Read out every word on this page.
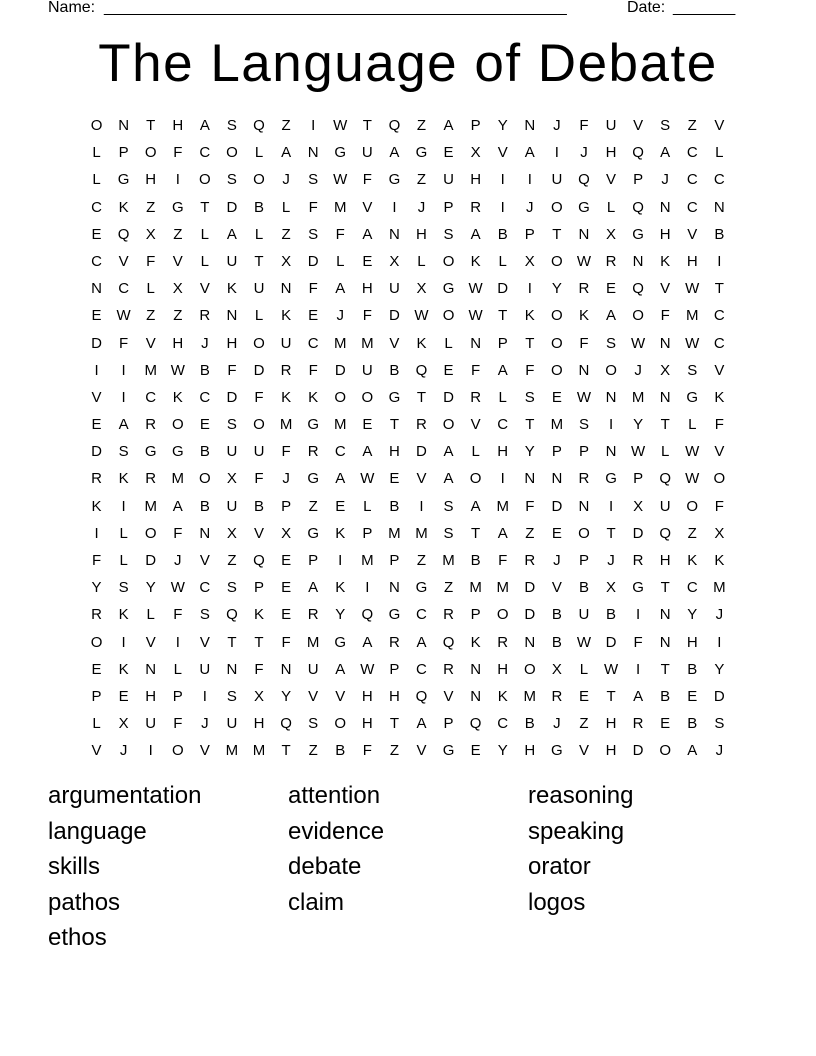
Name: ____________________________________________________	Date: _______
The Language of Debate
O	N	T	H	A	S	Q	Z	I	W	T	Q	Z	A	P	Y	N	J	F	U	V	S	Z	V
L	P	O	F	C	O	L	A	N	G	U	A	G	E	X	V	A	I	J	H	Q	A	C	L
L	G	H	I	O	S	O	J	S W	F	G	Z	U	H	I	I	U	Q	V	P	J	C	C
C	K	Z	G	T	D	B	L	F	M	V	I	J	P	R	I	J	O	G	L	Q	N	C	N
E	Q	X	Z	L	A	L	Z	S	F	A	N	H	S	A	B	P	T	N	X	G	H	V	B
C	V	F	V	L	U	T	X	D	L	E	X	L	O	K	L	X	O W R	N	K	H	I
N	C	L	X	V	K	U	N	F	A	H	U	X	G W D	I	Y	R	E	Q	V W	T
E W	Z	Z	R	N	L	K	E	J	F	D W O W	T	K	O	K	A	O	F	M	C
D	F	V	H	J	H	O	U	C	M M	V	K	L	N	P	T	O	F	S W N W C
I	I	M W B	F	D	R	F	D	U	B	Q	E	F	A	F	O	N	O	J	X	S	V
V	I	C	K	C	D	F	K	K	O	O	G	T	D	R	L	S	E W N	M	N	G	K
E	A	R	O	E	S	O M	G M	E	T	R	O	V	C	T	M	S	I	Y	T	L	F
D	S	G	G	B	U	U	F	R	C	A	H	D	A	L	H	Y	P	P	N W	L	W V
R	K	R	M	O	X	F	J	G	A W E	V	A	O	I	N	N	R	G	P	Q W O
K	I	M	A	B	U	B	P	Z	E	L	B	I	S	A	M	F	D	N	I	X	U	O	F
I	L	O	F	N	X	V	X	G	K	P	M M	S	T	A	Z	E	O	T	D	Q	Z	X
F	L	D	J	V	Z	Q	E	P	I	M	P	Z	M	B	F	R	J	P	J	R	H	K	K
Y	S	Y W C	S	P	E	A	K	I	N	G	Z	M M	D	V	B	X	G	T	C	M
R	K	L	F	S	Q	K	E	R	Y	Q	G	C	R	P	O	D	B	U	B	I	N	Y	J
O	I	V	I	V	T	T	F	M	G	A	R	A	Q	K	R	N	B W D	F	N	H	I
E	K	N	L	U	N	F	N	U	A W P	C	R	N	H	O	X	L	W	I	T	B	Y
P	E	H	P	I	S	X	Y	V	V	H	H	Q	V	N	K	M	R	E	T	A	B	E	D
L	X	U	F	J	U	H	Q	S	O	H	T	A	P	Q	C	B	J	Z	H	R	E	B	S
V	J	I	O	V	M M	T	Z	B	F	Z	V	G	E	Y	H	G	V	H	D	O	A	J
argumentation	attention	reasoning
language	evidence	speaking
skills	debate	orator
pathos	claim	logos
ethos
